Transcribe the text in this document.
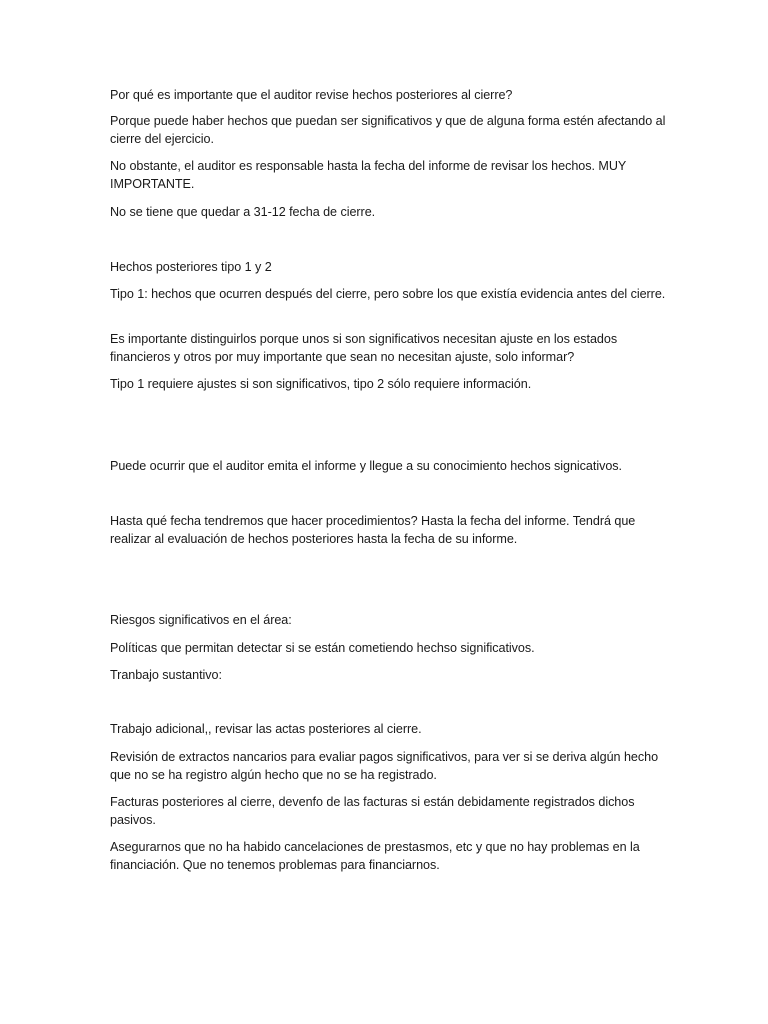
Por qué es importante que el auditor revise hechos posteriores al cierre?

Porque puede haber hechos que puedan ser significativos y que de alguna forma estén afectando al cierre del ejercicio.

No obstante, el auditor es responsable hasta la fecha del informe de revisar los hechos. MUY IMPORTANTE.

No se tiene que quedar a 31-12 fecha de cierre.

Hechos posteriores tipo 1 y 2

Tipo 1: hechos que ocurren después del cierre, pero sobre los que existía evidencia antes del cierre.

Es importante distinguirlos porque unos si son significativos necesitan ajuste en los estados financieros y otros por muy importante que sean no necesitan ajuste, solo informar?

Tipo 1 requiere ajustes si son significativos, tipo 2 sólo requiere información.

Puede ocurrir que el auditor emita el informe y llegue a su conocimiento hechos signicativos.

Hasta qué fecha tendremos que hacer procedimientos? Hasta la fecha del informe. Tendrá que realizar al evaluación de hechos posteriores hasta la fecha de su informe.

Riesgos significativos en el área:

Políticas que permitan detectar si se están cometiendo hechso significativos.

Tranbajo sustantivo:

Trabajo adicional,, revisar las actas posteriores al cierre.

Revisión de extractos nancarios para evaliar pagos significativos, para ver si se deriva algún hecho que no se ha registro algún hecho que no se ha registrado.

Facturas posteriores al cierre, devenfo de las facturas si están debidamente registrados dichos pasivos.

Asegurarnos que no ha habido cancelaciones de prestasmos, etc y que no hay problemas en la financiación. Que no tenemos problemas para financiarnos.
